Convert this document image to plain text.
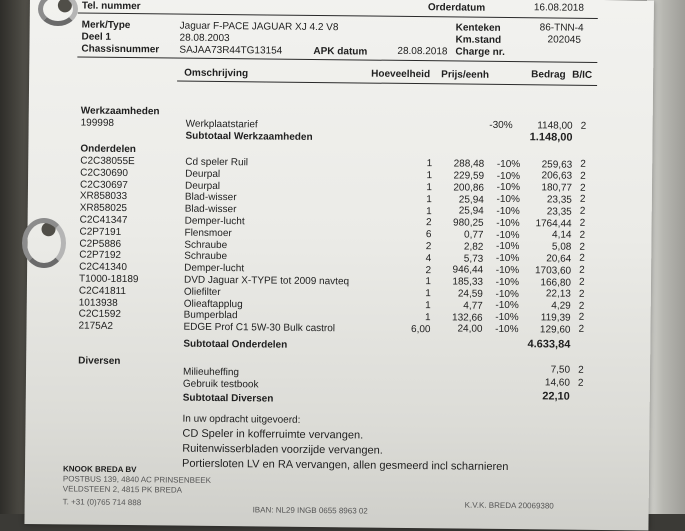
Tel. nummer	Orderdatum	16.08.2018
Merk/Type	Jaguar F-PACE JAGUAR XJ 4.2 V8	Kenteken	86-TNN-4
Deel 1	28.08.2003	Km.stand	202045
Chassisnummer SAJAA73R44TG13154	APK datum	28.08.2018 Charge nr.
Omschrijving	Hoeveelheid Prijs/eenh	Bedrag B/IC
Werkzaamheden
199998	Werkplaatstarief	-30%	1148,00 2
Subtotaal Werkzaamheden	1.148,00
Onderdelen
C2C38055E	Cd speler Ruil	1	288,48	-10%	259,63 2
C2C30690	Deurpal	1	229,59	-10%	206,63 2
C2C30697	Deurpal	1	200,86	-10%	180,77 2
XR858033	Blad-wisser	1	25,94	-10%	23,35 2
XR858025	Blad-wisser	1	25,94	-10%	23,35 2
C2C41347	Demper-lucht	2	980,25	-10%	1764,44 2
C2P7191	Flensmoer	6	0,77	-10%	4,14 2
C2P5886	Schraube	2	2,82	-10%	5,08 2
C2P7192	Schraube	4	5,73	-10%	20,64 2
C2C41340	Demper-lucht	2	946,44	-10%	1703,60 2
T1000-18189	DVD Jaguar X-TYPE tot 2009 navteq	1	185,33	-10%	166,80 2
C2C41811	Oliefilter	1	24,59	-10%	22,13 2
1013938	Olieaftapplug	1	4,77	-10%	4,29 2
C2C1592	Bumperblad	1	132,66	-10%	119,39 2
2175A2	EDGE Prof C1 5W-30 Bulk castrol	6,00	24,00	-10%	129,60 2
Subtotaal Onderdelen	4.633,84
Diversen
Milieuheffing	7,50 2
Gebruik testbook	14,60 2
Subtotaal Diversen	22,10
In uw opdracht uitgevoerd:
CD Speler in kofferruimte vervangen.
Ruitenwisserbladen voorzijde vervangen.
Portiersloten LV en RA vervangen, allen gesmeerd incl scharnieren
KNOOK BREDA BV
POSTBUS 139, 4840 AC PRINSENBEEK
VELDSTEEN 2, 4815 PK BREDA
T. +31 (0)765 714 888
IBAN: NL29 INGB 0655 8963 02	K.V.K. BREDA 20069380
